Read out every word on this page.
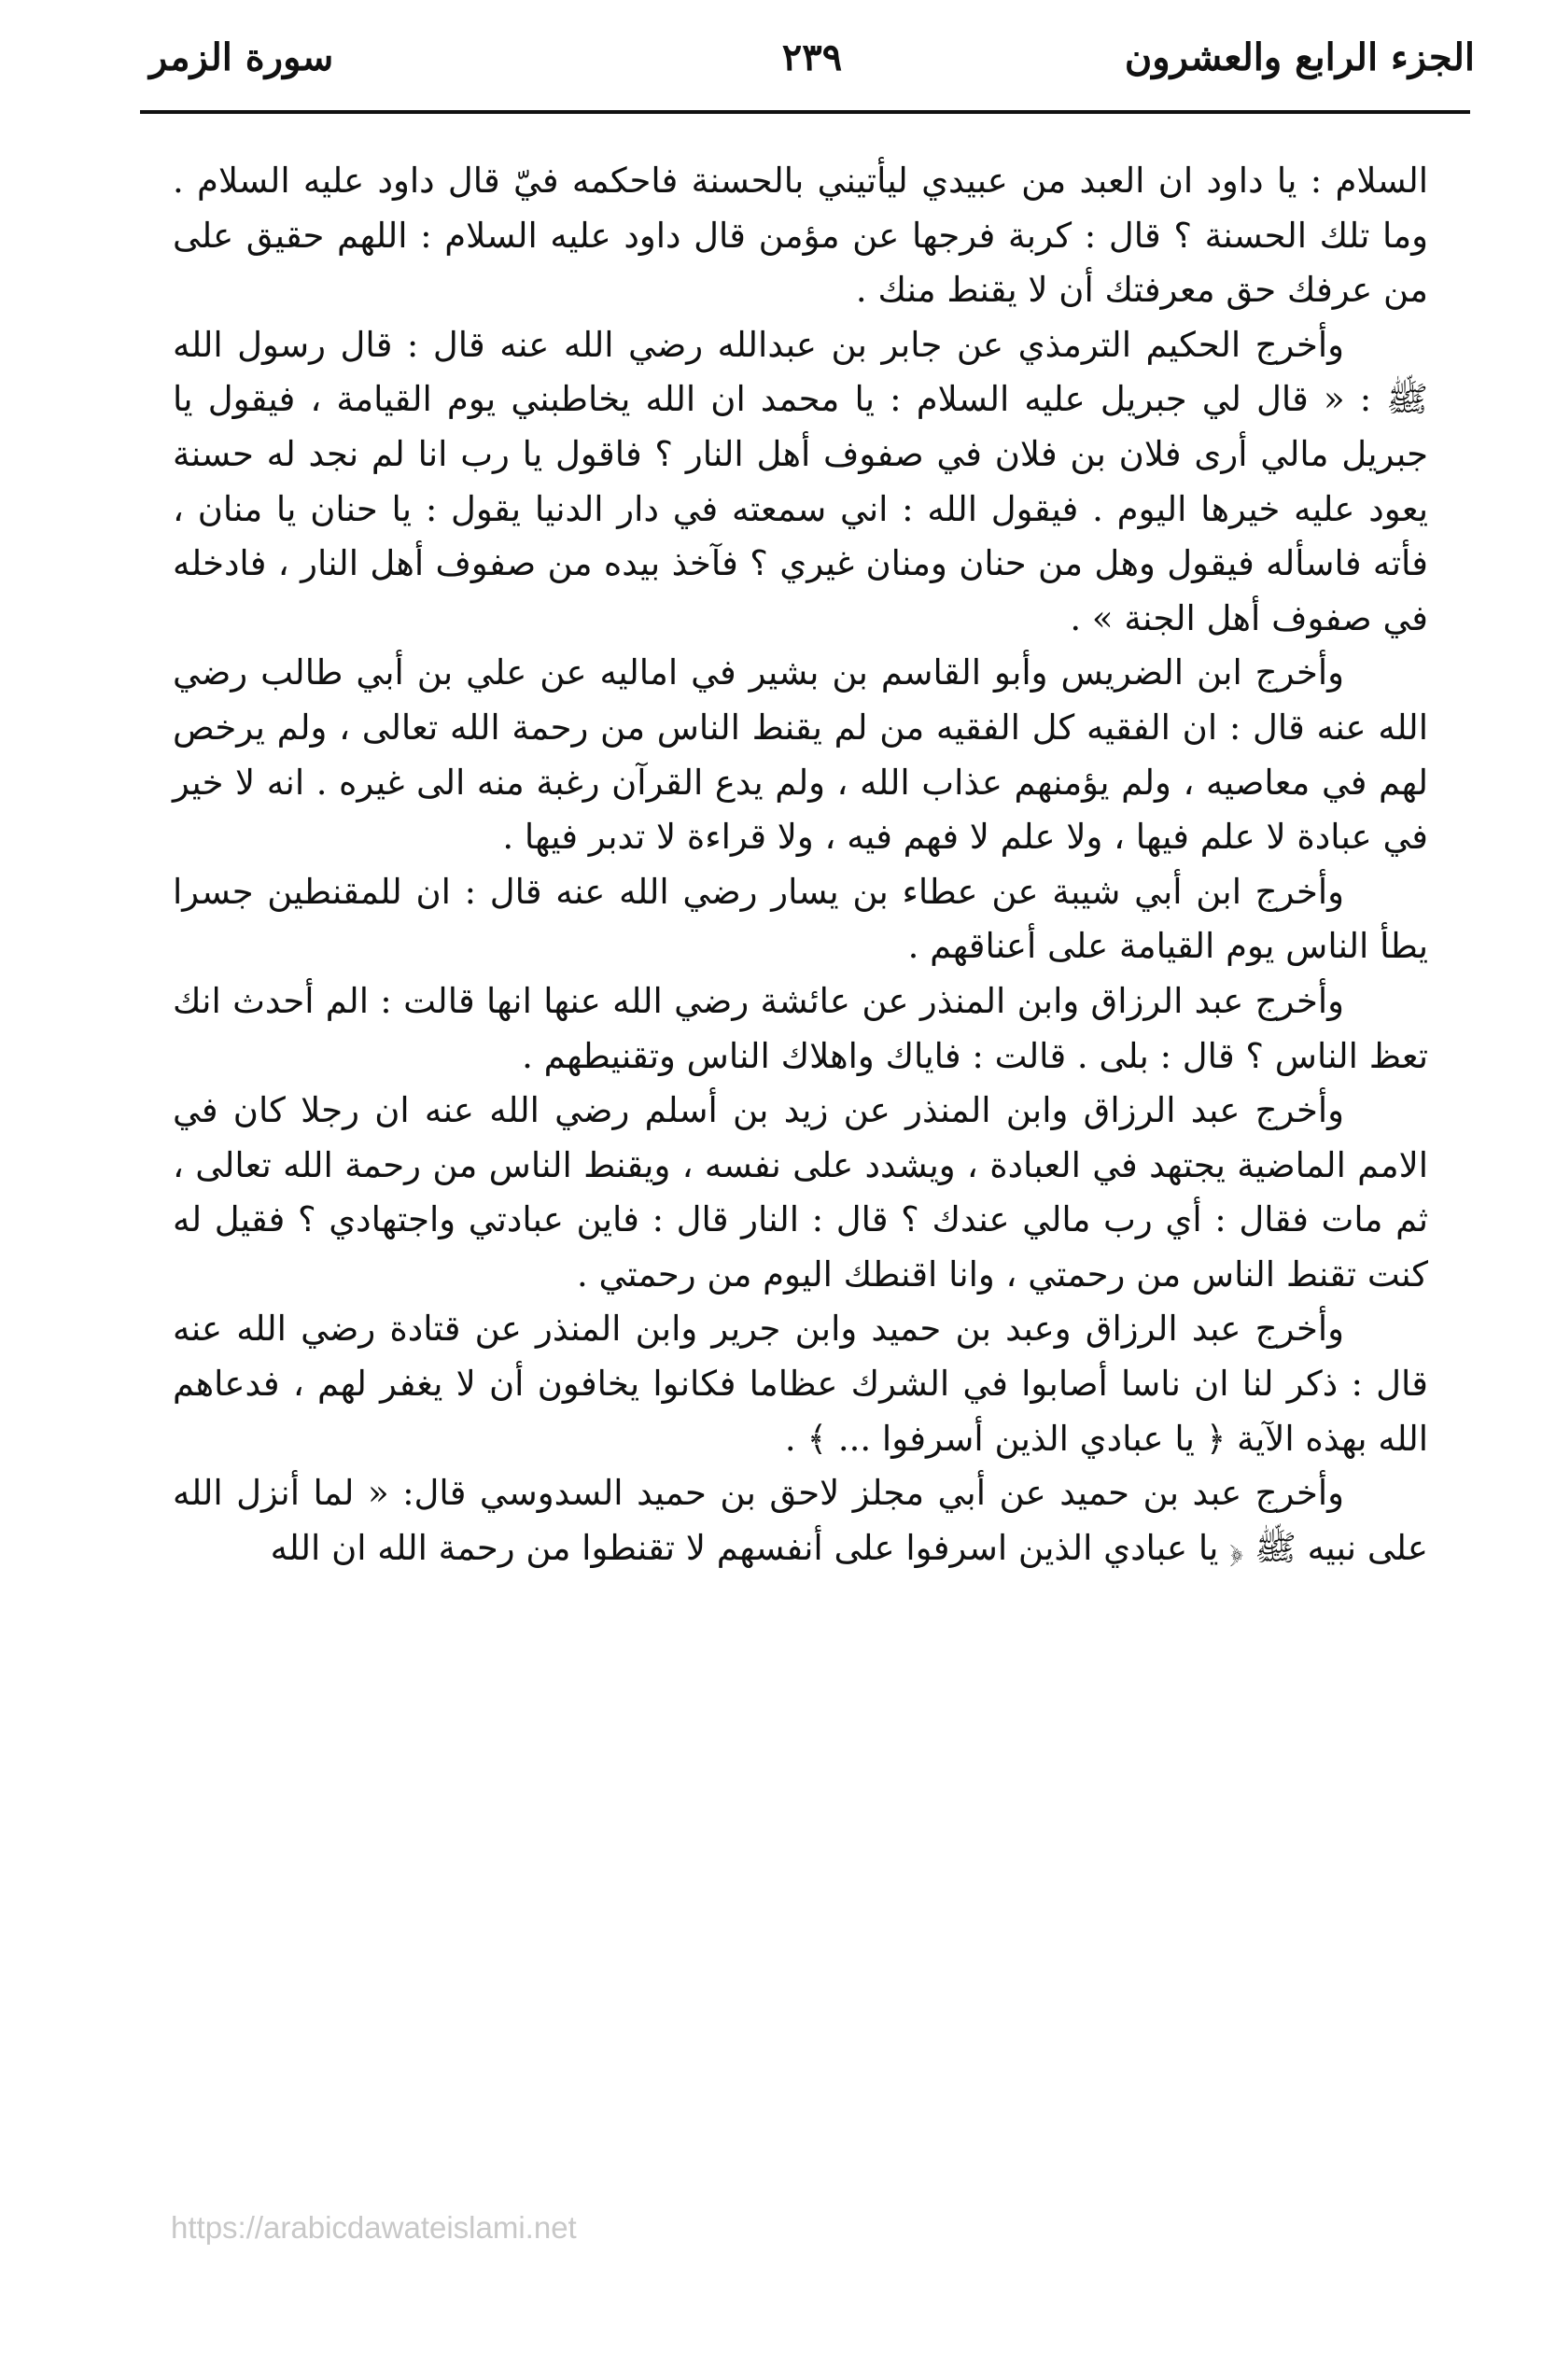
الجزء الرابع والعشرون
٢٣٩
سورة الزمر

السلام : يا داود ان العبد من عبيدي ليأتيني بالحسنة فاحكمه فيّ قال داود عليه السلام . وما تلك الحسنة ؟ قال : كربة فرجها عن مؤمن قال داود عليه السلام : اللهم حقيق على من عرفك حق معرفتك أن لا يقنط منك .

وأخرج الحكيم الترمذي عن جابر بن عبدالله رضي الله عنه قال : قال رسول الله ﷺ : « قال لي جبريل عليه السلام : يا محمد ان الله يخاطبني يوم القيامة ، فيقول يا جبريل مالي أرى فلان بن فلان في صفوف أهل النار ؟ فاقول يا رب انا لم نجد له حسنة يعود عليه خيرها اليوم . فيقول الله : اني سمعته في دار الدنيا يقول : يا حنان يا منان ، فأته فاسأله فيقول وهل من حنان ومنان غيري ؟ فآخذ بيده من صفوف أهل النار ، فادخله في صفوف أهل الجنة » .

وأخرج ابن الضريس وأبو القاسم بن بشير في اماليه عن علي بن أبي طالب رضي الله عنه قال : ان الفقيه كل الفقيه من لم يقنط الناس من رحمة الله تعالى ، ولم يرخص لهم في معاصيه ، ولم يؤمنهم عذاب الله ، ولم يدع القرآن رغبة منه الى غيره . انه لا خير في عبادة لا علم فيها ، ولا علم لا فهم فيه ، ولا قراءة لا تدبر فيها .

وأخرج ابن أبي شيبة عن عطاء بن يسار رضي الله عنه قال : ان للمقنطين جسرا يطأ الناس يوم القيامة على أعناقهم .

وأخرج عبد الرزاق وابن المنذر عن عائشة رضي الله عنها انها قالت : الم أحدث انك تعظ الناس ؟ قال : بلى . قالت : فاياك واهلاك الناس وتقنيطهم .

وأخرج عبد الرزاق وابن المنذر عن زيد بن أسلم رضي الله عنه ان رجلا كان في الامم الماضية يجتهد في العبادة ، ويشدد على نفسه ، ويقنط الناس من رحمة الله تعالى ، ثم مات فقال : أي رب مالي عندك ؟ قال : النار قال : فاين عبادتي واجتهادي ؟ فقيل له كنت تقنط الناس من رحمتي ، وانا اقنطك اليوم من رحمتي .

وأخرج عبد الرزاق وعبد بن حميد وابن جرير وابن المنذر عن قتادة رضي الله عنه قال : ذكر لنا ان ناسا أصابوا في الشرك عظاما فكانوا يخافون أن لا يغفر لهم ، فدعاهم الله بهذه الآية ﴿ يا عبادي الذين أسرفوا ... ﴾ .

وأخرج عبد بن حميد عن أبي مجلز لاحق بن حميد السدوسي قال: « لما أنزل الله على نبيه ﷺ ﴿ يا عبادي الذين اسرفوا على أنفسهم لا تقنطوا من رحمة الله ان الله

https://arabicdawateislami.net
